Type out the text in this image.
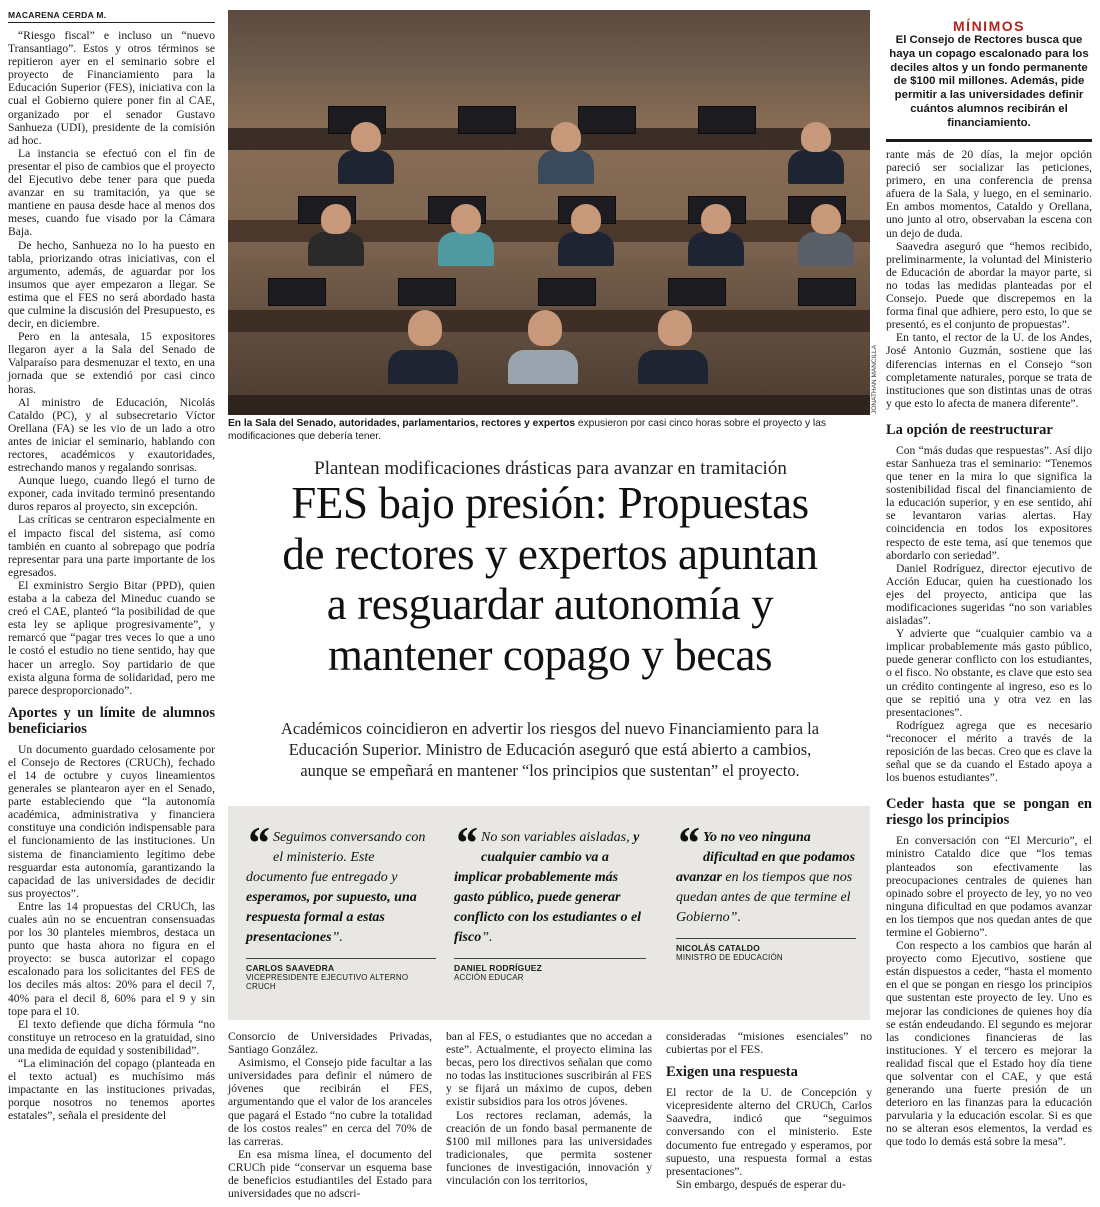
MACARENA CERDA M.

“Riesgo fiscal” e incluso un “nuevo Transantiago”. Estos y otros términos se repitieron ayer en el seminario sobre el proyecto de Financiamiento para la Educación Superior (FES), iniciativa con la cual el Gobierno quiere poner fin al CAE, organizado por el senador Gustavo Sanhueza (UDI), presidente de la comisión ad hoc.

La instancia se efectuó con el fin de presentar el piso de cambios que el proyecto del Ejecutivo debe tener para que pueda avanzar en su tramitación, ya que se mantiene en pausa desde hace al menos dos meses, cuando fue visado por la Cámara Baja.

De hecho, Sanhueza no lo ha puesto en tabla, priorizando otras iniciativas, con el argumento, además, de aguardar por los insumos que ayer empezaron a llegar. Se estima que el FES no será abordado hasta que culmine la discusión del Presupuesto, es decir, en diciembre.

Pero en la antesala, 15 expositores llegaron ayer a la Sala del Senado de Valparaíso para desmenuzar el texto, en una jornada que se extendió por casi cinco horas.

Al ministro de Educación, Nicolás Cataldo (PC), y al subsecretario Víctor Orellana (FA) se les vio de un lado a otro antes de iniciar el seminario, hablando con rectores, académicos y exautoridades, estrechando manos y regalando sonrisas.

Aunque luego, cuando llegó el turno de exponer, cada invitado terminó presentando duros reparos al proyecto, sin excepción.

Las críticas se centraron especialmente en el impacto fiscal del sistema, así como también en cuanto al sobrepago que podría representar para una parte importante de los egresados.

El exministro Sergio Bitar (PPD), quien estaba a la cabeza del Mineduc cuando se creó el CAE, planteó “la posibilidad de que esta ley se aplique progresivamente”, y remarcó que “pagar tres veces lo que a uno le costó el estudio no tiene sentido, hay que hacer un arreglo. Soy partidario de que exista alguna forma de solidaridad, pero me parece desproporcionado”.

Aportes y un límite de alumnos beneficiarios

Un documento guardado celosamente por el Consejo de Rectores (CRUCh), fechado el 14 de octubre y cuyos lineamientos generales se plantearon ayer en el Senado, parte estableciendo que “la autonomía académica, administrativa y financiera constituye una condición indispensable para el funcionamiento de las instituciones. Un sistema de financiamiento legítimo debe resguardar esta autonomía, garantizando la capacidad de las universidades de decidir sus proyectos”.

Entre las 14 propuestas del CRUCh, las cuales aún no se encuentran consensuadas por los 30 planteles miembros, destaca un punto que hasta ahora no figura en el proyecto: se busca autorizar el copago escalonado para los solicitantes del FES de los deciles más altos: 20% para el decil 7, 40% para el decil 8, 60% para el 9 y sin tope para el 10.

El texto defiende que dicha fórmula “no constituye un retroceso en la gratuidad, sino una medida de equidad y sostenibilidad”.

“La eliminación del copago (planteada en el texto actual) es muchísimo más impactante en las instituciones privadas, porque nosotros no tenemos aportes estatales”, señala el presidente del

JONATHAN MANCILLA
En la Sala del Senado, autoridades, parlamentarios, rectores y expertos expusieron por casi cinco horas sobre el proyecto y las modificaciones que debería tener.
Plantean modificaciones drásticas para avanzar en tramitación
FES bajo presión: Propuestas
de rectores y expertos apuntan
a resguardar autonomía y
mantener copago y becas
Académicos coincidieron en advertir los riesgos del nuevo Financiamiento para la
Educación Superior. Ministro de Educación aseguró que está abierto a cambios,
aunque se empeñará en mantener “los principios que sustentan” el proyecto.
“ Seguimos conversando con el ministerio. Este documento fue entregado y esperamos, por supuesto, una respuesta formal a estas presentaciones”.
CARLOS SAAVEDRA
VICEPRESIDENTE EJECUTIVO ALTERNO CRUCH
“ No son variables aisladas, y cualquier cambio va a implicar probablemente más gasto público, puede generar conflicto con los estudiantes o el fisco”.
DANIEL RODRÍGUEZ
ACCIÓN EDUCAR
“ Yo no veo ninguna dificultad en que podamos avanzar en los tiempos que nos quedan antes de que termine el Gobierno”.
NICOLÁS CATALDO
MINISTRO DE EDUCACIÓN

Consorcio de Universidades Privadas, Santiago González.

Asimismo, el Consejo pide facultar a las universidades para definir el número de jóvenes que recibirán el FES, argumentando que el valor de los aranceles que pagará el Estado “no cubre la totalidad de los costos reales” en cerca del 70% de las carreras.

En esa misma línea, el documento del CRUCh pide “conservar un esquema base de beneficios estudiantiles del Estado para universidades que no adscri-

ban al FES, o estudiantes que no accedan a este”. Actualmente, el proyecto elimina las becas, pero los directivos señalan que como no todas las instituciones suscribirán al FES y se fijará un máximo de cupos, deben existir subsidios para los otros jóvenes.

Los rectores reclaman, además, la creación de un fondo basal permanente de $100 mil millones para las universidades tradicionales, que permita sostener funciones de investigación, innovación y vinculación con los territorios,

consideradas “misiones esenciales” no cubiertas por el FES.

Exigen una respuesta

El rector de la U. de Concepción y vicepresidente alterno del CRUCh, Carlos Saavedra, indicó que “seguimos conversando con el ministerio. Este documento fue entregado y esperamos, por supuesto, una respuesta formal a estas presentaciones”.

Sin embargo, después de esperar du-

MÍNIMOS
El Consejo de Rectores busca que haya un copago escalonado para los deciles altos y un fondo permanente de $100 mil millones. Además, pide permitir a las universidades definir cuántos alumnos recibirán el financiamiento.

rante más de 20 días, la mejor opción pareció ser socializar las peticiones, primero, en una conferencia de prensa afuera de la Sala, y luego, en el seminario. En ambos momentos, Cataldo y Orellana, uno junto al otro, observaban la escena con un dejo de duda.

Saavedra aseguró que “hemos recibido, preliminarmente, la voluntad del Ministerio de Educación de abordar la mayor parte, si no todas las medidas planteadas por el Consejo. Puede que discrepemos en la forma final que adhiere, pero esto, lo que se presentó, es el conjunto de propuestas”.

En tanto, el rector de la U. de los Andes, José Antonio Guzmán, sostiene que las diferencias internas en el Consejo “son completamente naturales, porque se trata de instituciones que son distintas unas de otras y que esto lo afecta de manera diferente”.

La opción de reestructurar

Con “más dudas que respuestas”. Así dijo estar Sanhueza tras el seminario: “Tenemos que tener en la mira lo que significa la sostenibilidad fiscal del financiamiento de la educación superior, y en ese sentido, ahí se levantaron varias alertas. Hay coincidencia en todos los expositores respecto de este tema, así que tenemos que abordarlo con seriedad”.

Daniel Rodríguez, director ejecutivo de Acción Educar, quien ha cuestionado los ejes del proyecto, anticipa que las modificaciones sugeridas “no son variables aisladas”.

Y advierte que “cualquier cambio va a implicar probablemente más gasto público, puede generar conflicto con los estudiantes, o el fisco. No obstante, es clave que esto sea un crédito contingente al ingreso, eso es lo que se repitió una y otra vez en las presentaciones”.

Rodríguez agrega que es necesario “reconocer el mérito a través de la reposición de las becas. Creo que es clave la señal que se da cuando el Estado apoya a los buenos estudiantes”.

Ceder hasta que se pongan en riesgo los principios

En conversación con “El Mercurio”, el ministro Cataldo dice que “los temas planteados son efectivamente las preocupaciones centrales de quienes han opinado sobre el proyecto de ley, yo no veo ninguna dificultad en que podamos avanzar en los tiempos que nos quedan antes de que termine el Gobierno”.

Con respecto a los cambios que harán al proyecto como Ejecutivo, sostiene que están dispuestos a ceder, “hasta el momento en el que se pongan en riesgo los principios que sustentan este proyecto de ley. Uno es mejorar las condiciones de quienes hoy día se están endeudando. El segundo es mejorar las condiciones financieras de las instituciones. Y el tercero es mejorar la realidad fiscal que el Estado hoy día tiene que solventar con el CAE, y que está generando una fuerte presión de un deterioro en las finanzas para la educación parvularia y la educación escolar. Si es que no se alteran esos elementos, la verdad es que todo lo demás está sobre la mesa”.
